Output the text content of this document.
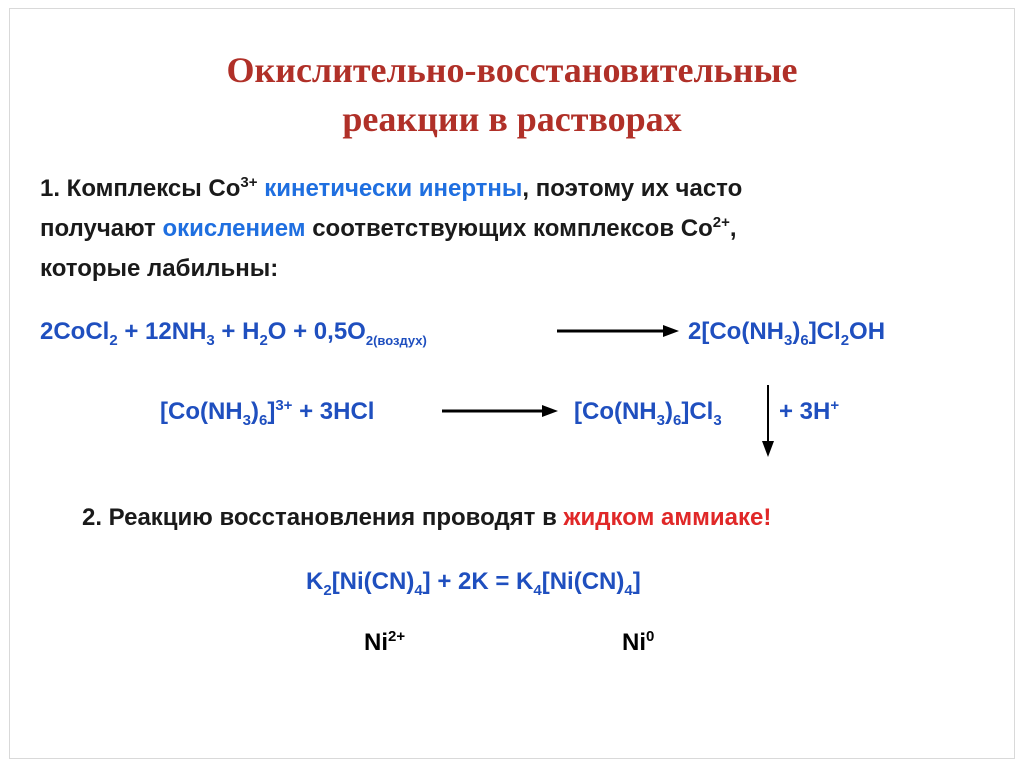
Окислительно-восстановительные
реакции в растворах
1. Комплексы $Co^{3+}$ кинетически инертны, поэтому их часто
получают окислением соответствующих комплексов $Co^{2+}$,
которые лабильны:
2CoCl$_2$ + $12NH_3 + H_2O + 0,5O_{2(воздух)}$	$2[Co(NH_3)_6]Cl_2OH$
$[Co(NH_3)_6]^{3+} + 3HCl$	$[Co(NH_3)_6]Cl_3 + 3H^+$
2. Реакцию восстановления проводят в жидком аммиаке!
$K_2[Ni(CN)_4] + 2K = K_4[Ni(CN)_4]$
$Ni^{2+}$	Ni$^0$
